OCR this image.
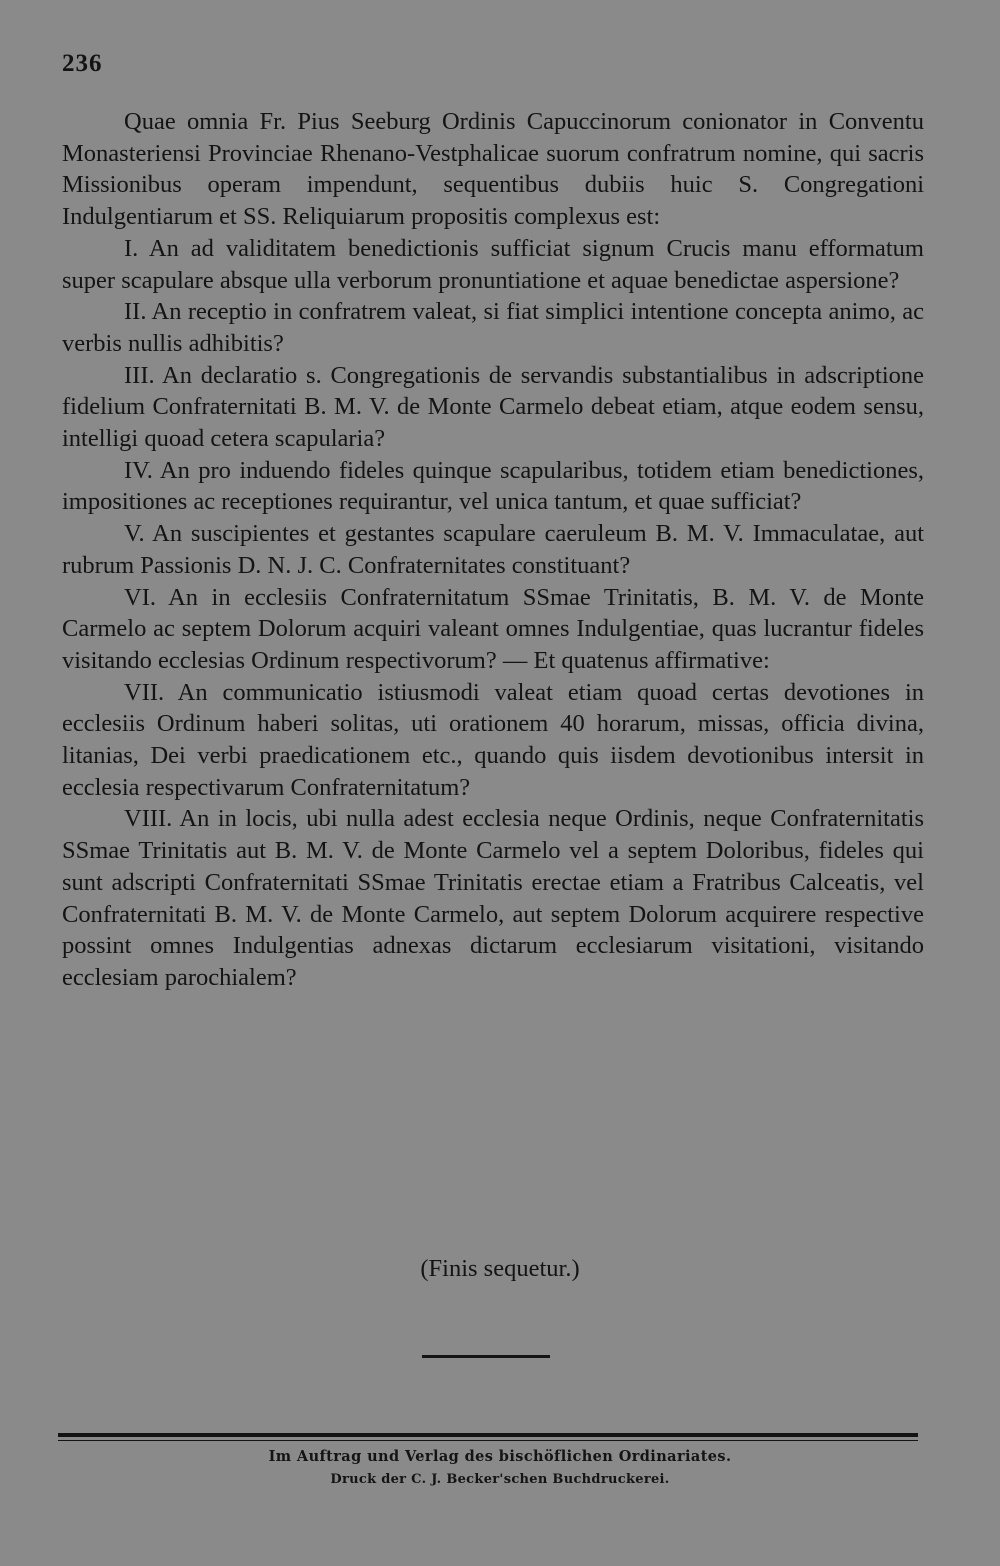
236

Quae omnia Fr. Pius Seeburg Ordinis Capuccinorum conionator in Conventu Monasteriensi Provinciae Rhenano-Vestphalicae suorum confratrum nomine, qui sacris Missionibus operam impendunt, sequentibus dubiis huic S. Congregationi Indulgentiarum et SS. Reliquiarum propositis complexus est:

I. An ad validitatem benedictionis sufficiat signum Crucis manu efformatum super scapulare absque ulla verborum pronuntiatione et aquae benedictae aspersione?

II. An receptio in confratrem valeat, si fiat simplici intentione concepta animo, ac verbis nullis adhibitis?

III. An declaratio s. Congregationis de servandis substantialibus in adscriptione fidelium Confraternitati B. M. V. de Monte Carmelo debeat etiam, atque eodem sensu, intelligi quoad cetera scapularia?

IV. An pro induendo fideles quinque scapularibus, totidem etiam benedictiones, impositiones ac receptiones requirantur, vel unica tantum, et quae sufficiat?

V. An suscipientes et gestantes scapulare caeruleum B. M. V. Immaculatae, aut rubrum Passionis D. N. J. C. Confraternitates constituant?

VI. An in ecclesiis Confraternitatum SSmae Trinitatis, B. M. V. de Monte Carmelo ac septem Dolorum acquiri valeant omnes Indulgentiae, quas lucrantur fideles visitando ecclesias Ordinum respectivorum? — Et quatenus affirmative:

VII. An communicatio istiusmodi valeat etiam quoad certas devotiones in ecclesiis Ordinum haberi solitas, uti orationem 40 horarum, missas, officia divina, litanias, Dei verbi praedicationem etc., quando quis iisdem devotionibus intersit in ecclesia respectivarum Confraternitatum?

VIII. An in locis, ubi nulla adest ecclesia neque Ordinis, neque Confraternitatis SSmae Trinitatis aut B. M. V. de Monte Carmelo vel a septem Doloribus, fideles qui sunt adscripti Confraternitati SSmae Trinitatis erectae etiam a Fratribus Calceatis, vel Confraternitati B. M. V. de Monte Carmelo, aut septem Dolorum acquirere respective possint omnes Indulgentias adnexas dictarum ecclesiarum visitationi, visitando ecclesiam parochialem?

(Finis sequetur.)
Im Auftrag und Verlag des bischöflichen Ordinariates.
Druck der C. J. Becker'schen Buchdruckerei.
